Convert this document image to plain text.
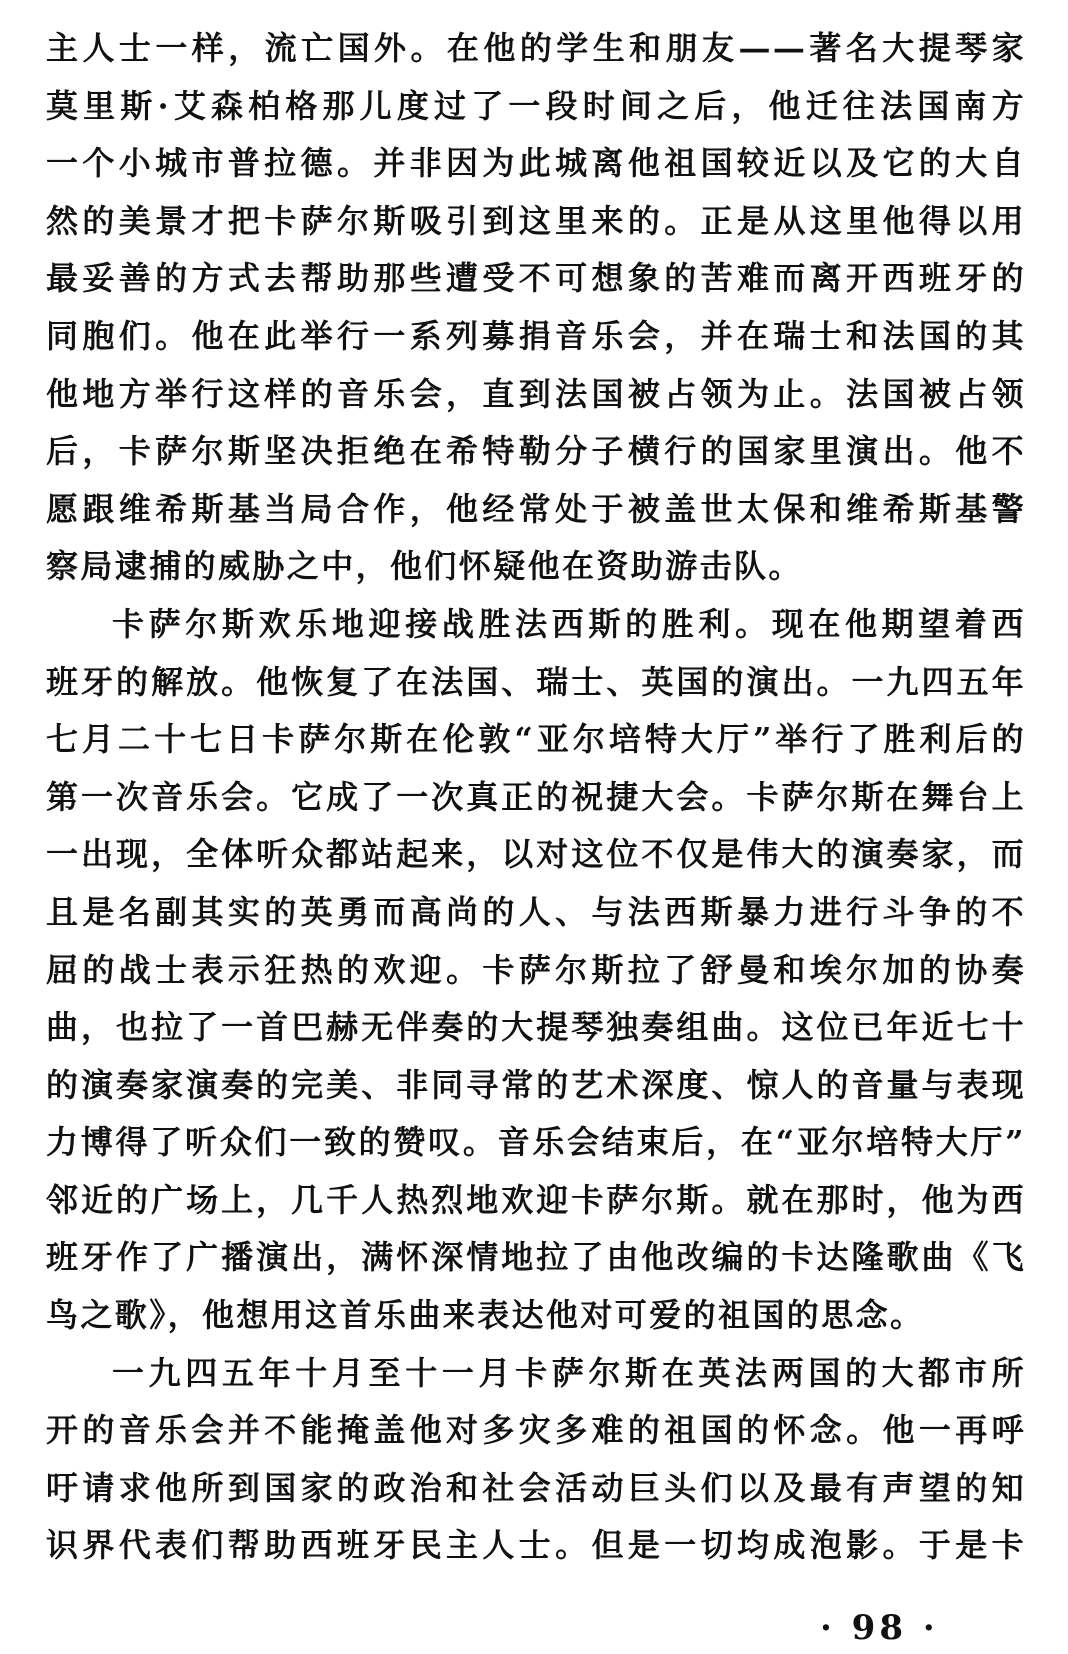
主人士一样，流亡国外。在他的学生和朋友——著名大提琴家
莫里斯·艾森柏格那儿度过了一段时间之后，他迁往法国南方
一个小城市普拉德。并非因为此城离他祖国较近以及它的大自
然的美景才把卡萨尔斯吸引到这里来的。正是从这里他得以用
最妥善的方式去帮助那些遭受不可想象的苦难而离开西班牙的
同胞们。他在此举行一系列募捐音乐会，并在瑞士和法国的其
他地方举行这样的音乐会，直到法国被占领为止。法国被占领
后，卡萨尔斯坚决拒绝在希特勒分子横行的国家里演出。他不
愿跟维希斯基当局合作，他经常处于被盖世太保和维希斯基警
察局逮捕的威胁之中，他们怀疑他在资助游击队。
卡萨尔斯欢乐地迎接战胜法西斯的胜利。现在他期望着西
班牙的解放。他恢复了在法国、瑞士、英国的演出。一九四五年
七月二十七日卡萨尔斯在伦敦“亚尔培特大厅”举行了胜利后的
第一次音乐会。它成了一次真正的祝捷大会。卡萨尔斯在舞台上
一出现，全体听众都站起来，以对这位不仅是伟大的演奏家，而
且是名副其实的英勇而高尚的人、与法西斯暴力进行斗争的不
屈的战士表示狂热的欢迎。卡萨尔斯拉了舒曼和埃尔加的协奏
曲，也拉了一首巴赫无伴奏的大提琴独奏组曲。这位已年近七十
的演奏家演奏的完美、非同寻常的艺术深度、惊人的音量与表现
力博得了听众们一致的赞叹。音乐会结束后，在“亚尔培特大厅”
邻近的广场上，几千人热烈地欢迎卡萨尔斯。就在那时，他为西
班牙作了广播演出，满怀深情地拉了由他改编的卡达隆歌曲《飞
鸟之歌》，他想用这首乐曲来表达他对可爱的祖国的思念。
一九四五年十月至十一月卡萨尔斯在英法两国的大都市所
开的音乐会并不能掩盖他对多灾多难的祖国的怀念。他一再呼
吁请求他所到国家的政治和社会活动巨头们以及最有声望的知
识界代表们帮助西班牙民主人士。但是一切均成泡影。于是卡
· 98 ·
